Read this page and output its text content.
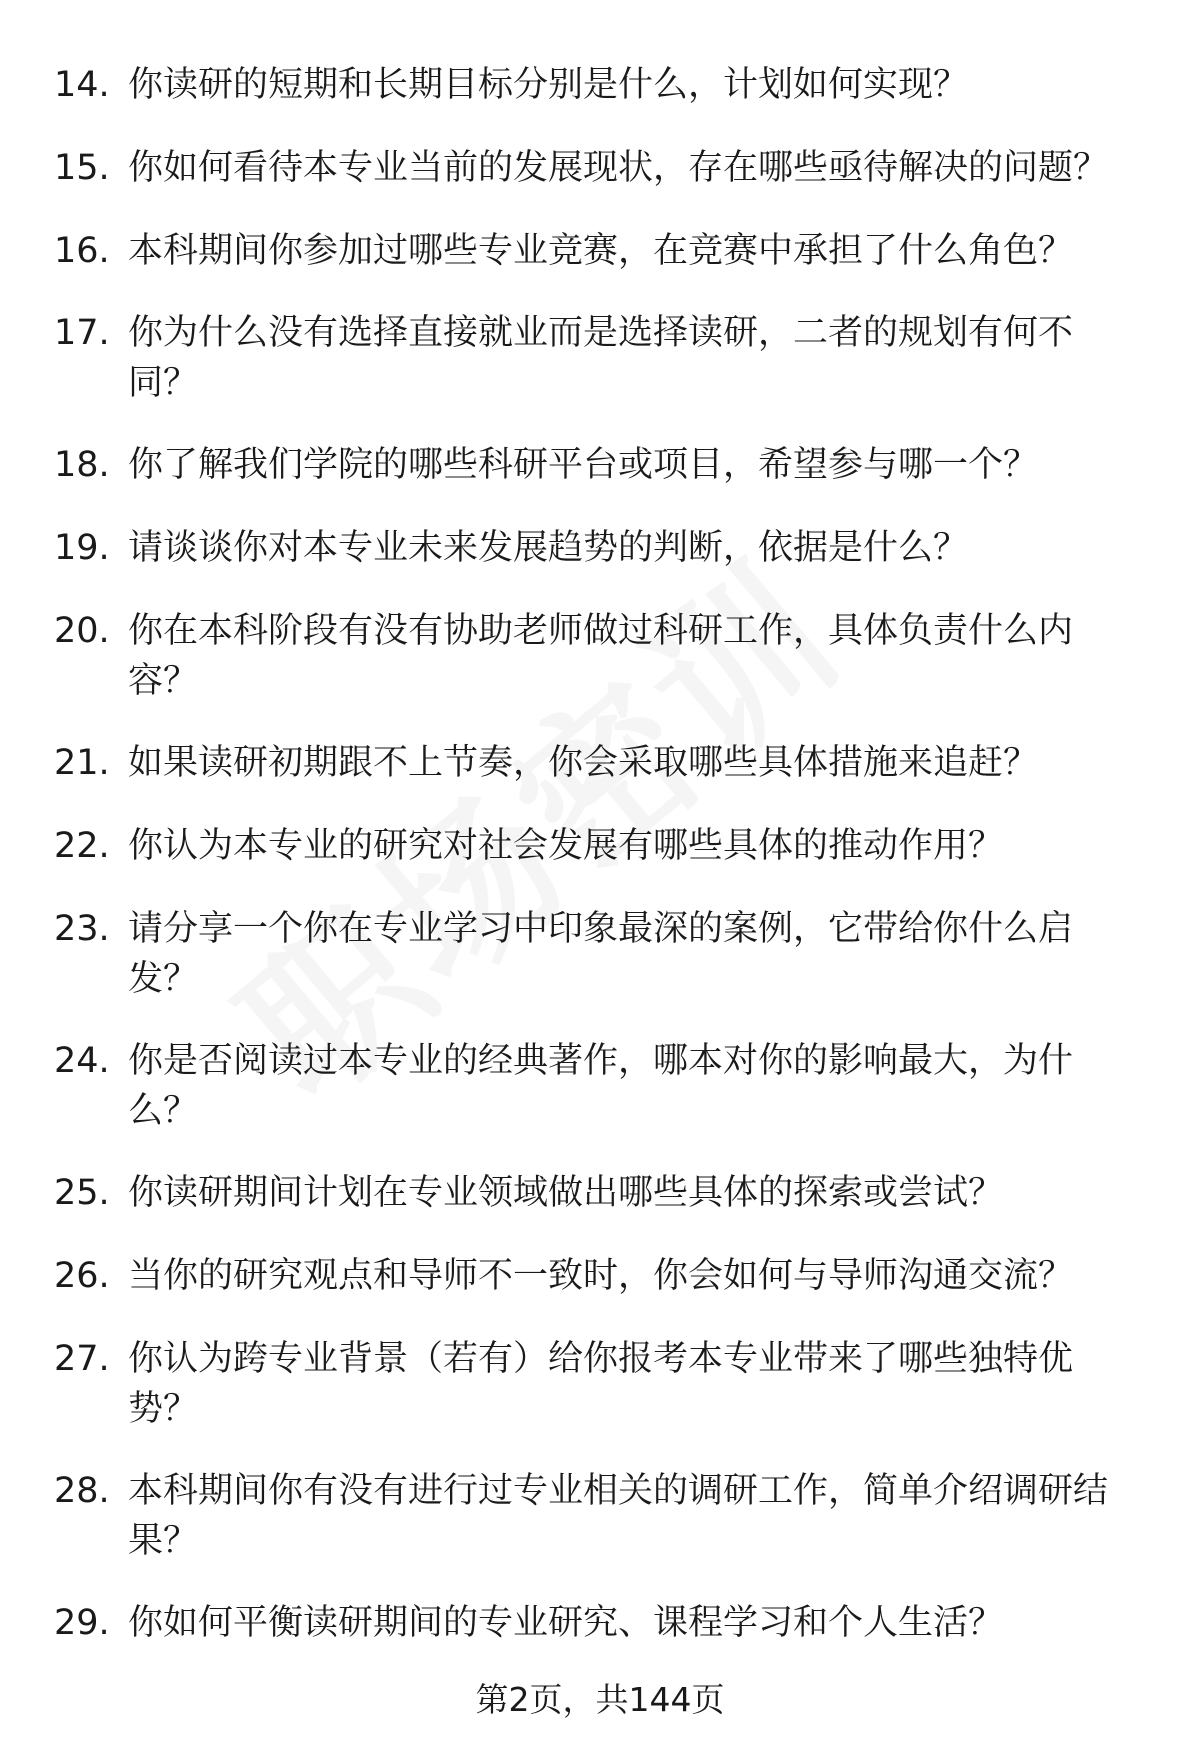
14. 你读研的短期和长期目标分别是什么，计划如何实现？
15. 你如何看待本专业当前的发展现状，存在哪些亟待解决的问题？
16. 本科期间你参加过哪些专业竞赛，在竞赛中承担了什么角色？
17. 你为什么没有选择直接就业而是选择读研，二者的规划有何不同？
18. 你了解我们学院的哪些科研平台或项目，希望参与哪一个？
19. 请谈谈你对本专业未来发展趋势的判断，依据是什么？
20. 你在本科阶段有没有协助老师做过科研工作，具体负责什么内容？
21. 如果读研初期跟不上节奏，你会采取哪些具体措施来追赶？
22. 你认为本专业的研究对社会发展有哪些具体的推动作用？
23. 请分享一个你在专业学习中印象最深的案例，它带给你什么启发？
24. 你是否阅读过本专业的经典著作，哪本对你的影响最大，为什么？
25. 你读研期间计划在专业领域做出哪些具体的探索或尝试？
26. 当你的研究观点和导师不一致时，你会如何与导师沟通交流？
27. 你认为跨专业背景（若有）给你报考本专业带来了哪些独特优势？
28. 本科期间你有没有进行过专业相关的调研工作，简单介绍调研结果？
29. 你如何平衡读研期间的专业研究、课程学习和个人生活？
第2页，共144页
